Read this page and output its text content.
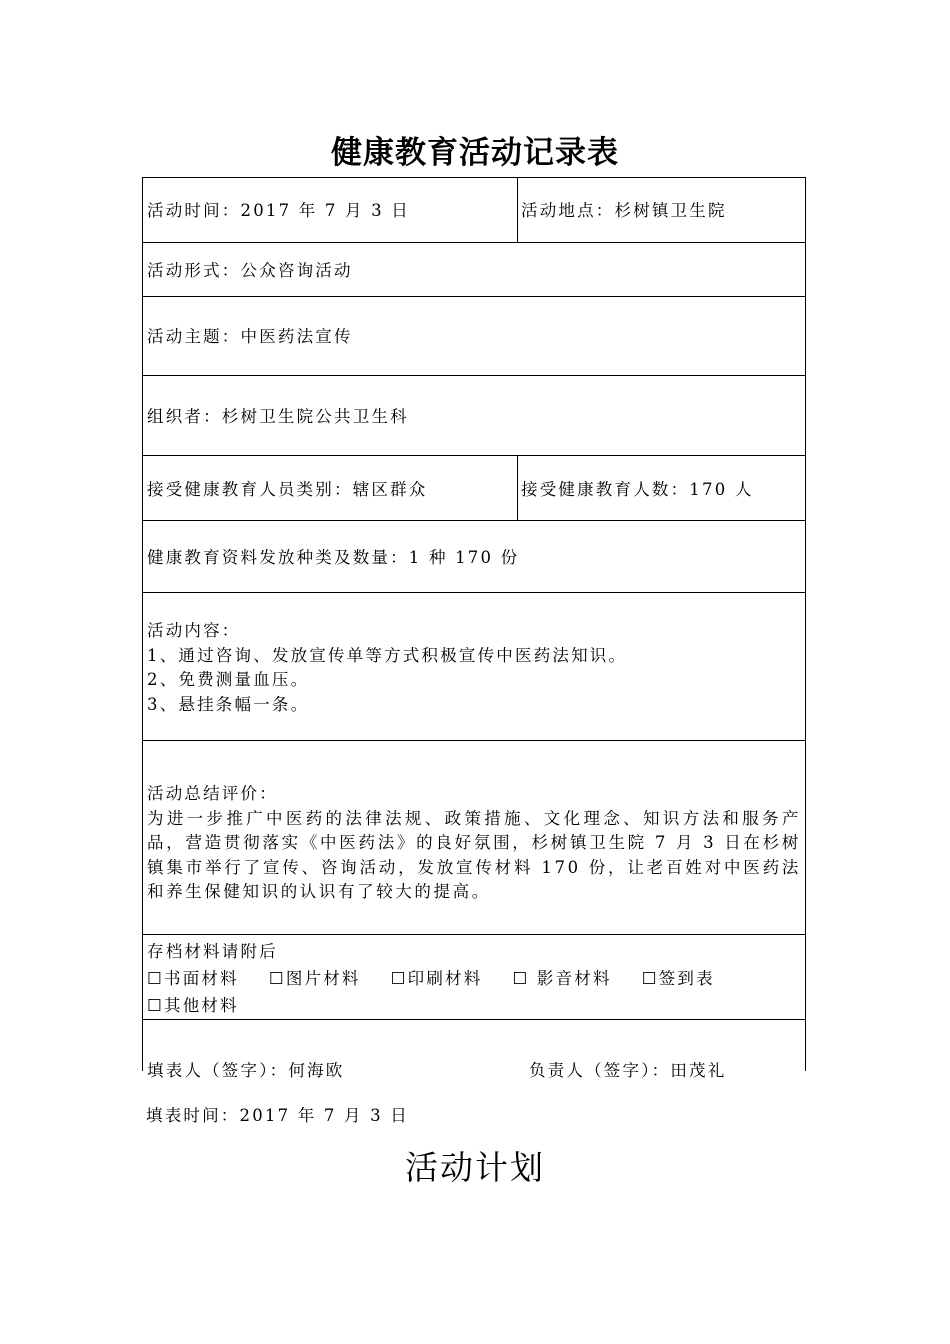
健康教育活动记录表
活动时间：2017 年 7 月 3 日	活动地点：杉树镇卫生院
活动形式：公众咨询活动
活动主题：中医药法宣传
组织者：杉树卫生院公共卫生科
接受健康教育人员类别：辖区群众	接受健康教育人数：170 人
健康教育资料发放种类及数量：1 种 170 份
活动内容：
1、通过咨询、发放宣传单等方式积极宣传中医药法知识。
2、免费测量血压。
3、悬挂条幅一条。
活动总结评价：
为进一步推广中医药的法律法规、政策措施、文化理念、知识方法和服务产品，营造贯彻落实《中医药法》的良好氛围，杉树镇卫生院 7 月 3 日在杉树镇集市举行了宣传、咨询活动，发放宣传材料 170 份，让老百姓对中医药法和养生保健知识的认识有了较大的提高。
存档材料请附后
☐书面材料 ☐图片材料 ☐印刷材料 ☐ 影音材料 ☐签到表
☐其他材料
填表人（签字）：何海欧	负责人（签字）：田茂礼
填表时间：2017 年 7 月 3 日
活动计划
